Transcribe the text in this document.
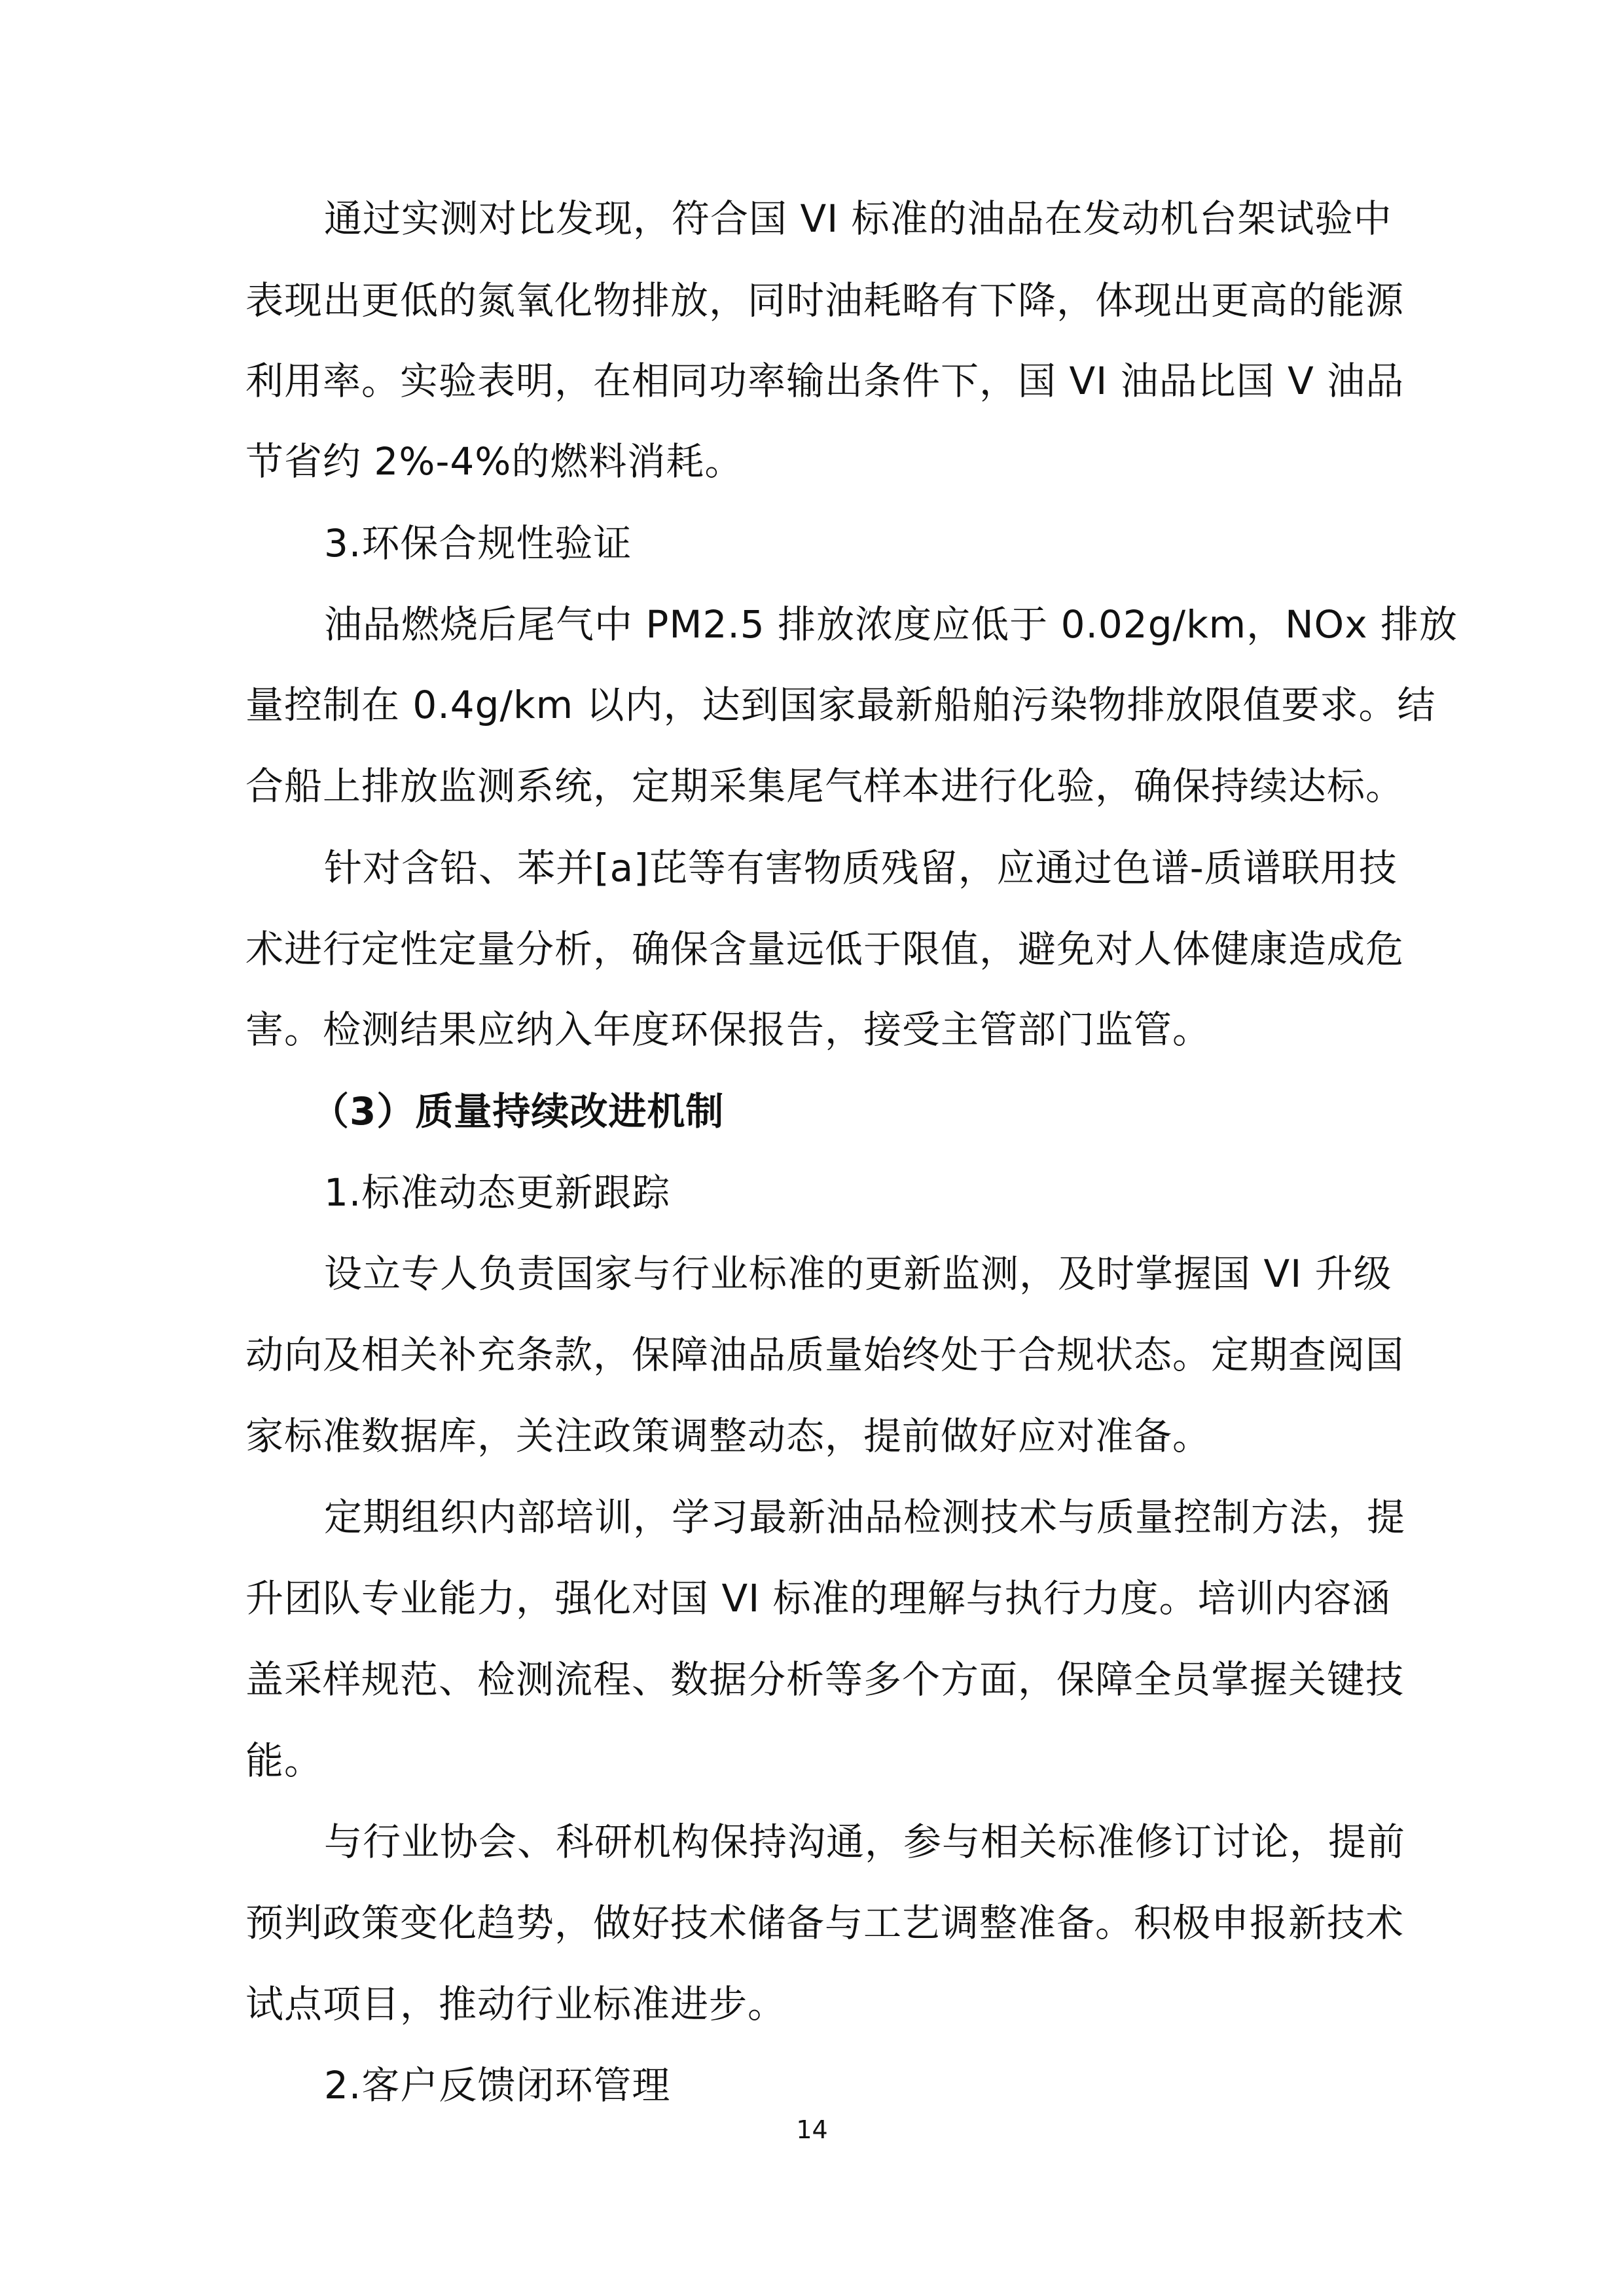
通过实测对比发现，符合国 VI 标准的油品在发动机台架试验中
表现出更低的氮氧化物排放，同时油耗略有下降，体现出更高的能源
利用率。实验表明，在相同功率输出条件下，国 VI 油品比国 V 油品
节省约 2%-4%的燃料消耗。
3.环保合规性验证
油品燃烧后尾气中 PM2.5 排放浓度应低于 0.02g/km，NOx 排放
量控制在 0.4g/km 以内，达到国家最新船舶污染物排放限值要求。结
合船上排放监测系统，定期采集尾气样本进行化验，确保持续达标。
针对含铅、苯并[a]芘等有害物质残留，应通过色谱-质谱联用技
术进行定性定量分析，确保含量远低于限值，避免对人体健康造成危
害。检测结果应纳入年度环保报告，接受主管部门监管。
（3）质量持续改进机制
1.标准动态更新跟踪
设立专人负责国家与行业标准的更新监测，及时掌握国 VI 升级
动向及相关补充条款，保障油品质量始终处于合规状态。定期查阅国
家标准数据库，关注政策调整动态，提前做好应对准备。
定期组织内部培训，学习最新油品检测技术与质量控制方法，提
升团队专业能力，强化对国 VI 标准的理解与执行力度。培训内容涵
盖采样规范、检测流程、数据分析等多个方面，保障全员掌握关键技
能。
与行业协会、科研机构保持沟通，参与相关标准修订讨论，提前
预判政策变化趋势，做好技术储备与工艺调整准备。积极申报新技术
试点项目，推动行业标准进步。
2.客户反馈闭环管理
14
